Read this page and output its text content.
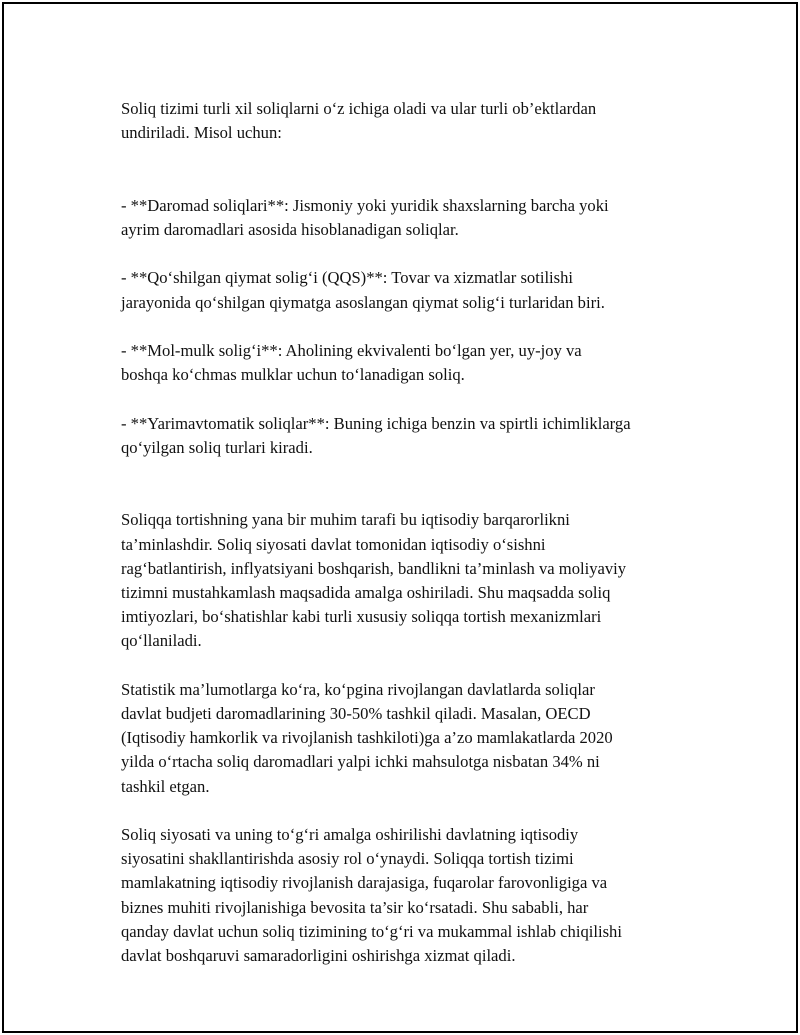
Soliq tizimi turli xil soliqlarni o‘z ichiga oladi va ular turli ob’ektlardan
undiriladi. Misol uchun:

- **Daromad soliqlari**: Jismoniy yoki yuridik shaxslarning barcha yoki
ayrim daromadlari asosida hisoblanadigan soliqlar.

- **Qo‘shilgan qiymat solig‘i (QQS)**: Tovar va xizmatlar sotilishi
jarayonida qo‘shilgan qiymatga asoslangan qiymat solig‘i turlaridan biri.

- **Mol-mulk solig‘i**: Aholining ekvivalenti bo‘lgan yer, uy-joy va
boshqa ko‘chmas mulklar uchun to‘lanadigan soliq.

- **Yarimavtomatik soliqlar**: Buning ichiga benzin va spirtli ichimliklarga
qo‘yilgan soliq turlari kiradi.

Soliqqa tortishning yana bir muhim tarafi bu iqtisodiy barqarorlikni
ta’minlashdir. Soliq siyosati davlat tomonidan iqtisodiy o‘sishni
rag‘batlantirish, inflyatsiyani boshqarish, bandlikni ta’minlash va moliyaviy
tizimni mustahkamlash maqsadida amalga oshiriladi. Shu maqsadda soliq
imtiyozlari, bo‘shatishlar kabi turli xususiy soliqqa tortish mexanizmlari
qo‘llaniladi.

Statistik ma’lumotlarga ko‘ra, ko‘pgina rivojlangan davlatlarda soliqlar
davlat budjeti daromadlarining 30-50% tashkil qiladi. Masalan, OECD
(Iqtisodiy hamkorlik va rivojlanish tashkiloti)ga a’zo mamlakatlarda 2020
yilda o‘rtacha soliq daromadlari yalpi ichki mahsulotga nisbatan 34% ni
tashkil etgan.

Soliq siyosati va uning to‘g‘ri amalga oshirilishi davlatning iqtisodiy
siyosatini shakllantirishda asosiy rol o‘ynaydi. Soliqqa tortish tizimi
mamlakatning iqtisodiy rivojlanish darajasiga, fuqarolar farovonligiga va
biznes muhiti rivojlanishiga bevosita ta’sir ko‘rsatadi. Shu sababli, har
qanday davlat uchun soliq tizimining to‘g‘ri va mukammal ishlab chiqilishi
davlat boshqaruvi samaradorligini oshirishga xizmat qiladi.
